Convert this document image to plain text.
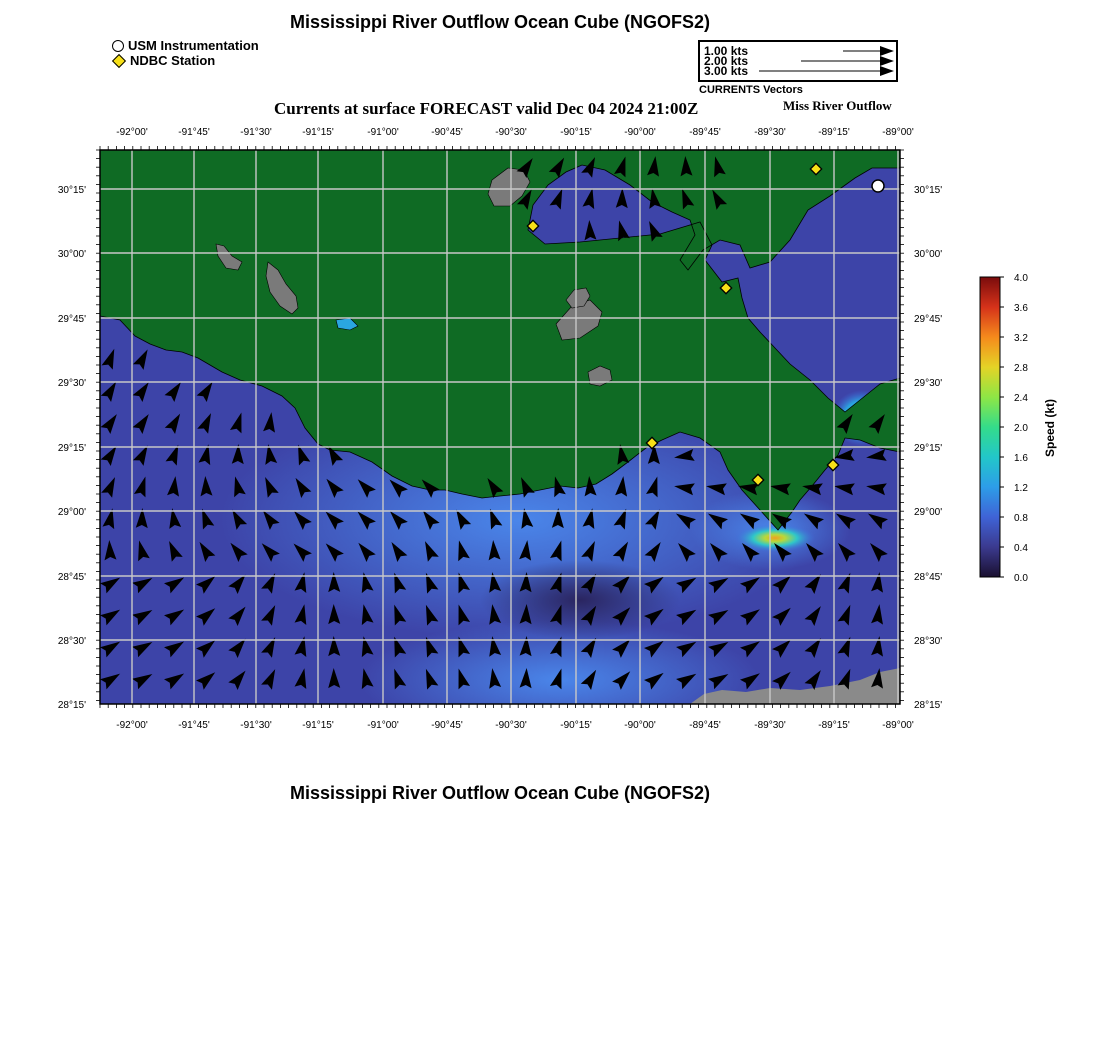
Mississippi River Outflow Ocean Cube (NGOFS2)
USM Instrumentation
NDBC Station
1.00 kts
2.00 kts
3.00 kts
CURRENTS Vectors
Currents at surface FORECAST valid Dec 04 2024 21:00Z	Miss River Outflow
-92°00'	-91°45'	-91°30'	-91°15'	-91°00'	-90°45'	-90°30'	-90°15'	-90°00'	-89°45'	-89°30'	-89°15'	-89°00'
-92°00'	-91°45'	-91°30'	-91°15'	-91°00'	-90°45'	-90°30'	-90°15'	-90°00'	-89°45'	-89°30'	-89°15'	-89°00'
30°15'
30°00'
29°45'
29°30'
29°15'
29°00'
28°45'
28°30'
28°15'
30°15'
30°00'
29°45'
29°30'
29°15'
29°00'
28°45'
28°30'
28°15'
4.0
3.6
3.2
2.8
2.4
2.0
1.6
1.2
0.8
0.4
0.0
Speed (kt)
Mississippi River Outflow Ocean Cube (NGOFS2)
